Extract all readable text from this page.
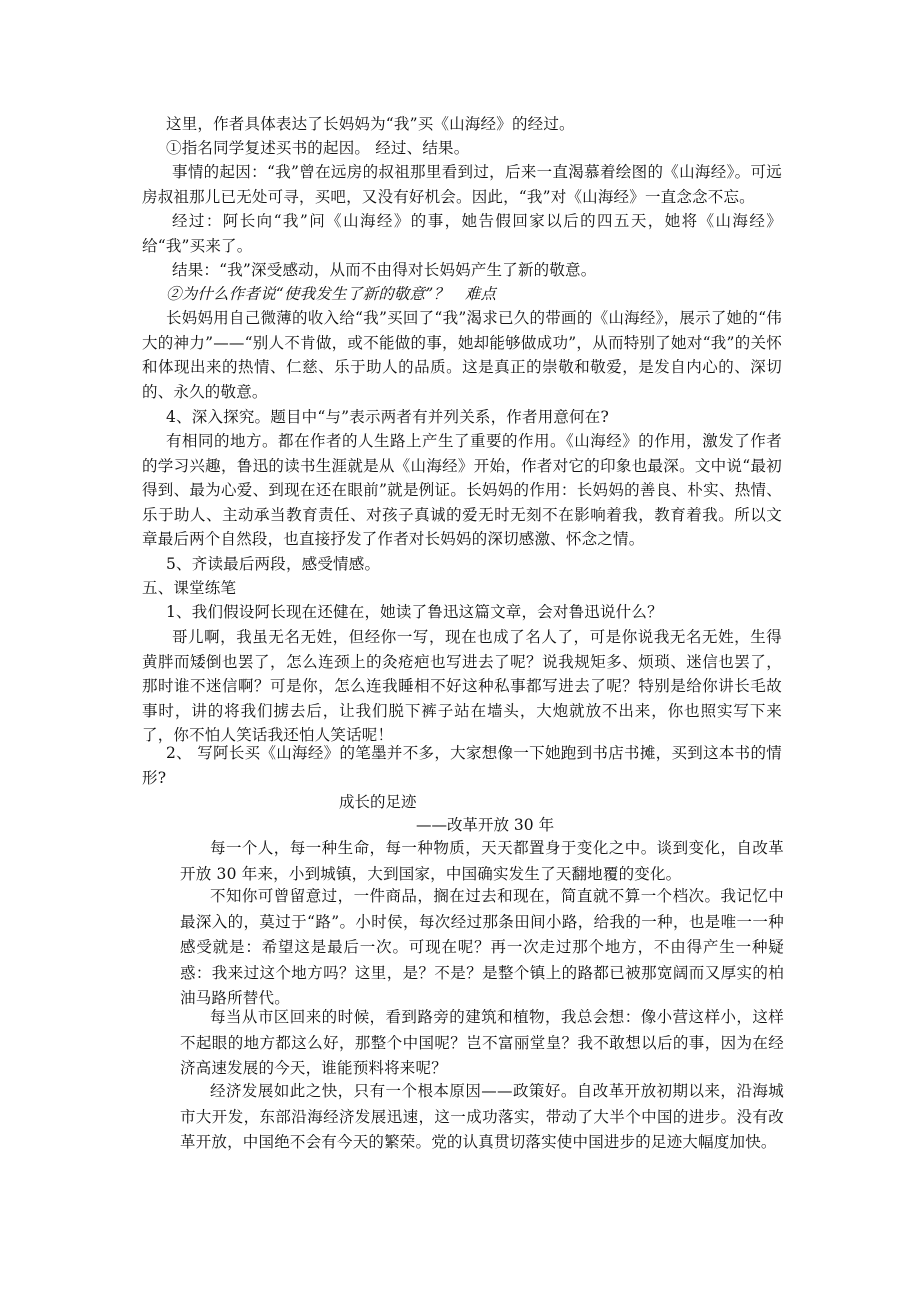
这里，作者具体表达了长妈妈为“我”买《山海经》的经过。
①指名同学复述买书的起因。 经过、结果。
事情的起因：“我”曾在远房的叔祖那里看到过，后来一直渴慕着绘图的《山海经》。可远房叔祖那儿已无处可寻，买吧，又没有好机会。因此，“我”对《山海经》一直念念不忘。
经过：阿长向“我”问《山海经》的事，她告假回家以后的四五天，她将《山海经》给“我”买来了。
结果：“我”深受感动，从而不由得对长妈妈产生了新的敬意。
②为什么作者说“使我发生了新的敬意”？　难点
长妈妈用自己微薄的收入给“我”买回了“我”渴求已久的带画的《山海经》，展示了她的“伟大的神力”——“别人不肯做，或不能做的事，她却能够做成功”，从而特别了她对“我”的关怀和体现出来的热情、仁慈、乐于助人的品质。这是真正的崇敬和敬爱，是发自内心的、深切的、永久的敬意。
4、深入探究。题目中“与”表示两者有并列关系，作者用意何在?
有相同的地方。都在作者的人生路上产生了重要的作用。《山海经》的作用，激发了作者的学习兴趣，鲁迅的读书生涯就是从《山海经》开始，作者对它的印象也最深。文中说“最初得到、最为心爱、到现在还在眼前”就是例证。长妈妈的作用：长妈妈的善良、朴实、热情、乐于助人、主动承当教育责任、对孩子真诚的爱无时无刻不在影响着我，教育着我。所以文章最后两个自然段，也直接抒发了作者对长妈妈的深切感激、怀念之情。
5、齐读最后两段，感受情感。
五、课堂练笔
1、我们假设阿长现在还健在，她读了鲁迅这篇文章，会对鲁迅说什么？
哥儿啊，我虽无名无姓，但经你一写，现在也成了名人了，可是你说我无名无姓，生得黄胖而矮倒也罢了，怎么连颈上的灸疮疤也写进去了呢？说我规矩多、烦琐、迷信也罢了，那时谁不迷信啊？可是你，怎么连我睡相不好这种私事都写进去了呢？特别是给你讲长毛故事时，讲的将我们掳去后，让我们脱下裤子站在墙头，大炮就放不出来，你也照实写下来了，你不怕人笑话我还怕人笑话呢！
2、 写阿长买《山海经》的笔墨并不多，大家想像一下她跑到书店书摊，买到这本书的情形?
成长的足迹
——改革开放 30 年
每一个人，每一种生命，每一种物质，天天都置身于变化之中。谈到变化，自改革开放 30 年来，小到城镇，大到国家，中国确实发生了天翻地覆的变化。
不知你可曾留意过，一件商品，搁在过去和现在，简直就不算一个档次。我记忆中最深入的，莫过于“路”。小时侯，每次经过那条田间小路，给我的一种，也是唯一一种感受就是：希望这是最后一次。可现在呢？再一次走过那个地方，不由得产生一种疑惑：我来过这个地方吗？这里，是？不是？是整个镇上的路都已被那宽阔而又厚实的柏油马路所替代。
每当从市区回来的时候，看到路旁的建筑和植物，我总会想：像小营这样小，这样不起眼的地方都这么好，那整个中国呢？岂不富丽堂皇？我不敢想以后的事，因为在经济高速发展的今天，谁能预料将来呢？
经济发展如此之快，只有一个根本原因——政策好。自改革开放初期以来，沿海城市大开发，东部沿海经济发展迅速，这一成功落实，带动了大半个中国的进步。没有改革开放，中国绝不会有今天的繁荣。党的认真贯切落实使中国进步的足迹大幅度加快。
